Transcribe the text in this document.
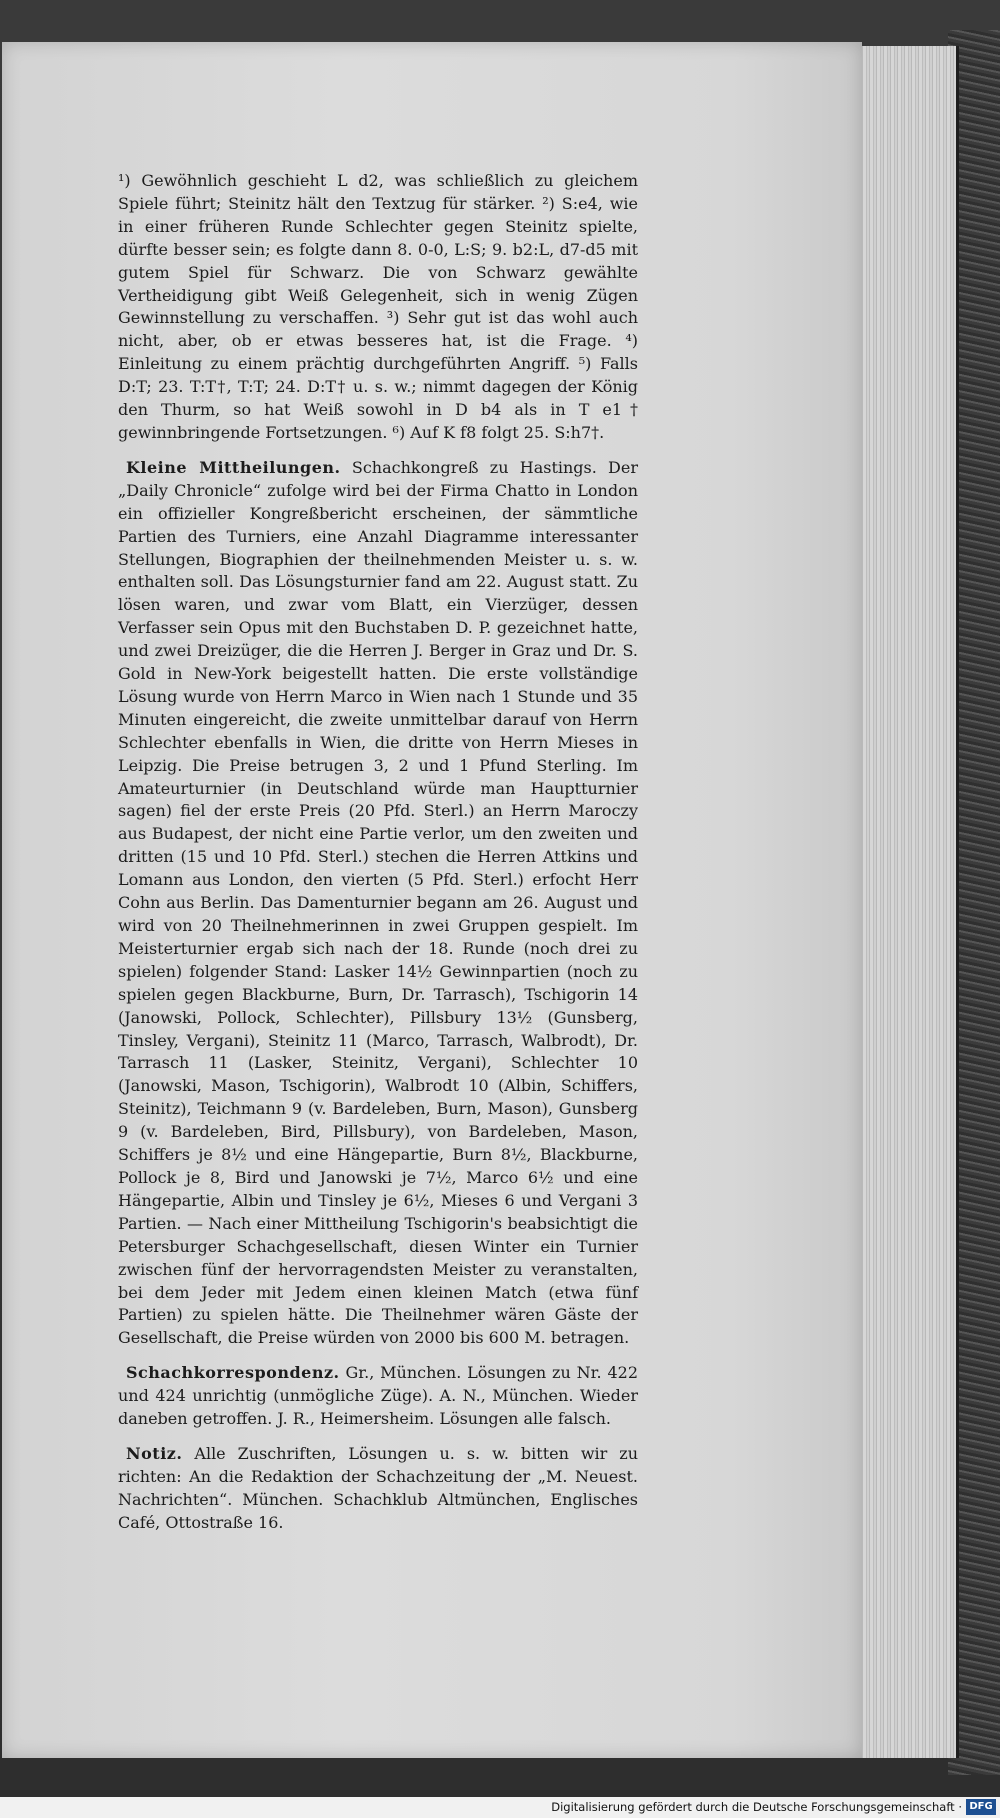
¹) Gewöhnlich geschieht L d2, was schließlich zu gleichem Spiele führt; Steinitz hält den Textzug für stärker. ²) S:e4, wie in einer früheren Runde Schlechter gegen Steinitz spielte, dürfte besser sein; es folgte dann 8. 0-0, L:S; 9. b2:L, d7-d5 mit gutem Spiel für Schwarz. Die von Schwarz gewählte Vertheidigung gibt Weiß Gelegenheit, sich in wenig Zügen Gewinnstellung zu verschaffen. ³) Sehr gut ist das wohl auch nicht, aber, ob er etwas besseres hat, ist die Frage. ⁴) Einleitung zu einem prächtig durchgeführten Angriff. ⁵) Falls D:T; 23. T:T†, T:T; 24. D:T† u. s. w.; nimmt dagegen der König den Thurm, so hat Weiß sowohl in D b4 als in T e1† gewinnbringende Fortsetzungen. ⁶) Auf K f8 folgt 25. S:h7†.

Kleine Mittheilungen. Schachkongreß zu Hastings. Der „Daily Chronicle“ zufolge wird bei der Firma Chatto in London ein offizieller Kongreßbericht erscheinen, der sämmtliche Partien des Turniers, eine Anzahl Diagramme interessanter Stellungen, Biographien der theilnehmenden Meister u. s. w. enthalten soll. Das Lösungsturnier fand am 22. August statt. Zu lösen waren, und zwar vom Blatt, ein Vierzüger, dessen Verfasser sein Opus mit den Buchstaben D. P. gezeichnet hatte, und zwei Dreizüger, die die Herren J. Berger in Graz und Dr. S. Gold in New-York beigestellt hatten. Die erste vollständige Lösung wurde von Herrn Marco in Wien nach 1 Stunde und 35 Minuten eingereicht, die zweite unmittelbar darauf von Herrn Schlechter ebenfalls in Wien, die dritte von Herrn Mieses in Leipzig. Die Preise betrugen 3, 2 und 1 Pfund Sterling. Im Amateurturnier (in Deutschland würde man Hauptturnier sagen) fiel der erste Preis (20 Pfd. Sterl.) an Herrn Maroczy aus Budapest, der nicht eine Partie verlor, um den zweiten und dritten (15 und 10 Pfd. Sterl.) stechen die Herren Attkins und Lomann aus London, den vierten (5 Pfd. Sterl.) erfocht Herr Cohn aus Berlin. Das Damenturnier begann am 26. August und wird von 20 Theilnehmerinnen in zwei Gruppen gespielt. Im Meisterturnier ergab sich nach der 18. Runde (noch drei zu spielen) folgender Stand: Lasker 14½ Gewinnpartien (noch zu spielen gegen Blackburne, Burn, Dr. Tarrasch), Tschigorin 14 (Janowski, Pollock, Schlechter), Pillsbury 13½ (Gunsberg, Tinsley, Vergani), Steinitz 11 (Marco, Tarrasch, Walbrodt), Dr. Tarrasch 11 (Lasker, Steinitz, Vergani), Schlechter 10 (Janowski, Mason, Tschigorin), Walbrodt 10 (Albin, Schiffers, Steinitz), Teichmann 9 (v. Bardeleben, Burn, Mason), Gunsberg 9 (v. Bardeleben, Bird, Pillsbury), von Bardeleben, Mason, Schiffers je 8½ und eine Hängepartie, Burn 8½, Blackburne, Pollock je 8, Bird und Janowski je 7½, Marco 6½ und eine Hängepartie, Albin und Tinsley je 6½, Mieses 6 und Vergani 3 Partien. — Nach einer Mittheilung Tschigorin's beabsichtigt die Petersburger Schachgesellschaft, diesen Winter ein Turnier zwischen fünf der hervorragendsten Meister zu veranstalten, bei dem Jeder mit Jedem einen kleinen Match (etwa fünf Partien) zu spielen hätte. Die Theilnehmer wären Gäste der Gesellschaft, die Preise würden von 2000 bis 600 M. betragen.

Schachkorrespondenz. Gr., München. Lösungen zu Nr. 422 und 424 unrichtig (unmögliche Züge). A. N., München. Wieder daneben getroffen. J. R., Heimersheim. Lösungen alle falsch.

Notiz. Alle Zuschriften, Lösungen u. s. w. bitten wir zu richten: An die Redaktion der Schachzeitung der „M. Neuest. Nachrichten“. München. Schachklub Altmünchen, Englisches Café, Ottostraße 16.

Digitalisierung gefördert durch die Deutsche Forschungsgemeinschaft · DFG
